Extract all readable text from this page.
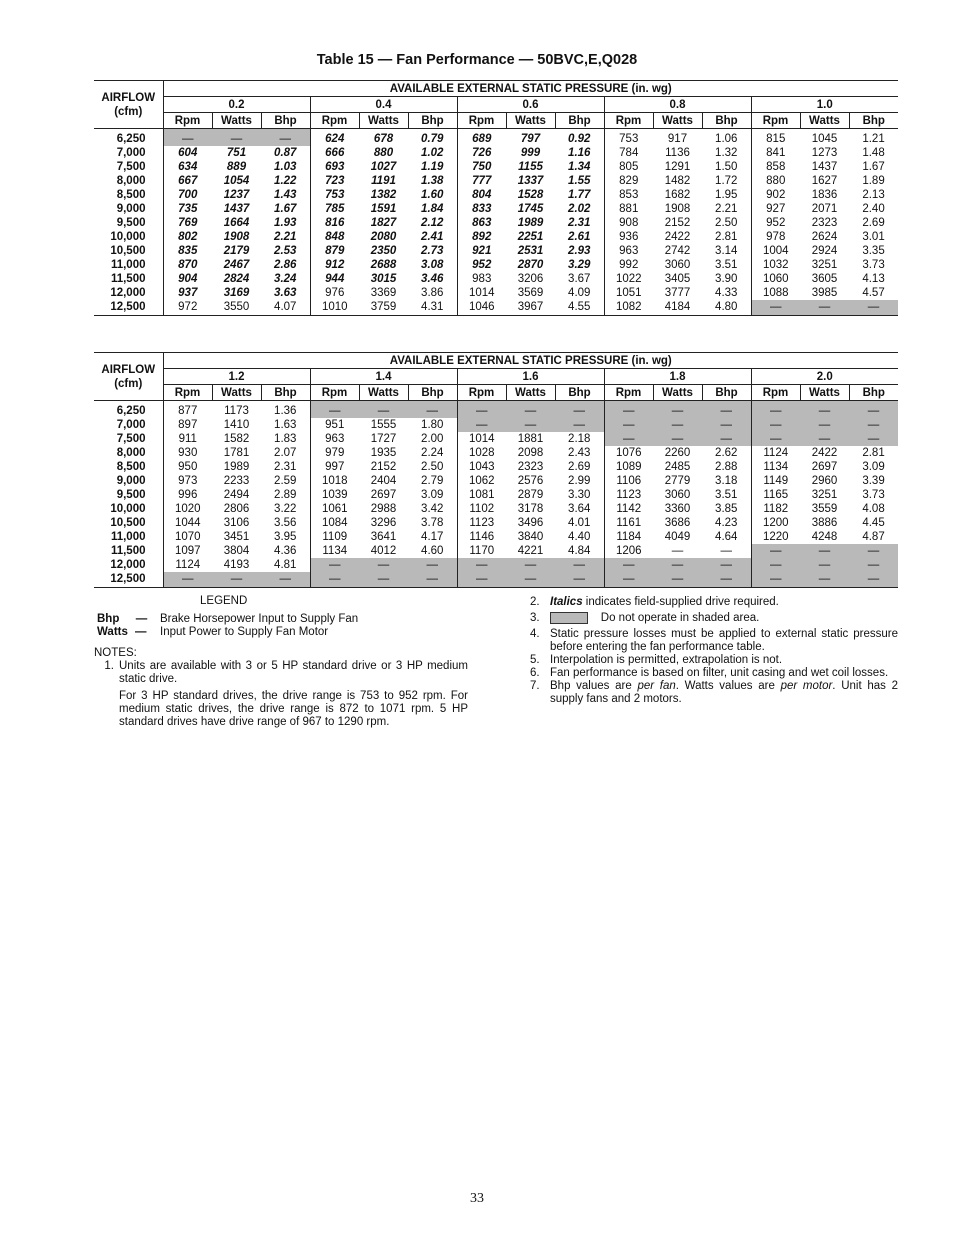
Table 15 — Fan Performance — 50BVC,E,Q028
AIRFLOW
(cfm)	AVAILABLE EXTERNAL STATIC PRESSURE (in. wg)														
	0.2			0.4			0.6			0.8			1.0		
	Rpm	Watts	Bhp	Rpm	Watts	Bhp	Rpm	Watts	Bhp	Rpm	Watts	Bhp	Rpm	Watts	Bhp
6,250	—	—	—	624	678	0.79	689	797	0.92	753	917	1.06	815	1045	1.21
7,000	604	751	0.87	666	880	1.02	726	999	1.16	784	1136	1.32	841	1273	1.48
7,500	634	889	1.03	693	1027	1.19	750	1155	1.34	805	1291	1.50	858	1437	1.67
8,000	667	1054	1.22	723	1191	1.38	777	1337	1.55	829	1482	1.72	880	1627	1.89
8,500	700	1237	1.43	753	1382	1.60	804	1528	1.77	853	1682	1.95	902	1836	2.13
9,000	735	1437	1.67	785	1591	1.84	833	1745	2.02	881	1908	2.21	927	2071	2.40
9,500	769	1664	1.93	816	1827	2.12	863	1989	2.31	908	2152	2.50	952	2323	2.69
10,000	802	1908	2.21	848	2080	2.41	892	2251	2.61	936	2422	2.81	978	2624	3.01
10,500	835	2179	2.53	879	2350	2.73	921	2531	2.93	963	2742	3.14	1004	2924	3.35
11,000	870	2467	2.86	912	2688	3.08	952	2870	3.29	992	3060	3.51	1032	3251	3.73
11,500	904	2824	3.24	944	3015	3.46	983	3206	3.67	1022	3405	3.90	1060	3605	4.13
12,000	937	3169	3.63	976	3369	3.86	1014	3569	4.09	1051	3777	4.33	1088	3985	4.57
12,500	972	3550	4.07	1010	3759	4.31	1046	3967	4.55	1082	4184	4.80	—	—	—
AIRFLOW
(cfm)	AVAILABLE EXTERNAL STATIC PRESSURE (in. wg)														
	1.2			1.4			1.6			1.8			2.0		
	Rpm	Watts	Bhp	Rpm	Watts	Bhp	Rpm	Watts	Bhp	Rpm	Watts	Bhp	Rpm	Watts	Bhp
6,250	877	1173	1.36	—	—	—	—	—	—	—	—	—	—	—	—
7,000	897	1410	1.63	951	1555	1.80	—	—	—	—	—	—	—	—	—
7,500	911	1582	1.83	963	1727	2.00	1014	1881	2.18	—	—	—	—	—	—
8,000	930	1781	2.07	979	1935	2.24	1028	2098	2.43	1076	2260	2.62	1124	2422	2.81
8,500	950	1989	2.31	997	2152	2.50	1043	2323	2.69	1089	2485	2.88	1134	2697	3.09
9,000	973	2233	2.59	1018	2404	2.79	1062	2576	2.99	1106	2779	3.18	1149	2960	3.39
9,500	996	2494	2.89	1039	2697	3.09	1081	2879	3.30	1123	3060	3.51	1165	3251	3.73
10,000	1020	2806	3.22	1061	2988	3.42	1102	3178	3.64	1142	3360	3.85	1182	3559	4.08
10,500	1044	3106	3.56	1084	3296	3.78	1123	3496	4.01	1161	3686	4.23	1200	3886	4.45
11,000	1070	3451	3.95	1109	3641	4.17	1146	3840	4.40	1184	4049	4.64	1220	4248	4.87
11,500	1097	3804	4.36	1134	4012	4.60	1170	4221	4.84	1206	—	—	—	—	—
12,000	1124	4193	4.81	—	—	—	—	—	—	—	—	—	—	—	—
12,500	—	—	—	—	—	—	—	—	—	—	—	—	—	—	—
LEGEND
Bhp	—	Brake Horsepower Input to Supply Fan
Watts —	Input Power to Supply Fan Motor
NOTES:
1. Units are available with 3 or 5 HP standard drive or 3 HP medium static drive.
For 3 HP standard drives, the drive range is 753 to 952 rpm. For medium static drives, the drive range is 872 to 1071 rpm. 5 HP standard drives have drive range of 967 to 1290 rpm.
2. Italics indicates field-supplied drive required.
3.	Do not operate in shaded area.
4. Static pressure losses must be applied to external static pressure before entering the fan performance table.
5. Interpolation is permitted, extrapolation is not.
6. Fan performance is based on filter, unit casing and wet coil losses.
7. Bhp values are per fan. Watts values are per motor. Unit has 2 supply fans and 2 motors.
33
